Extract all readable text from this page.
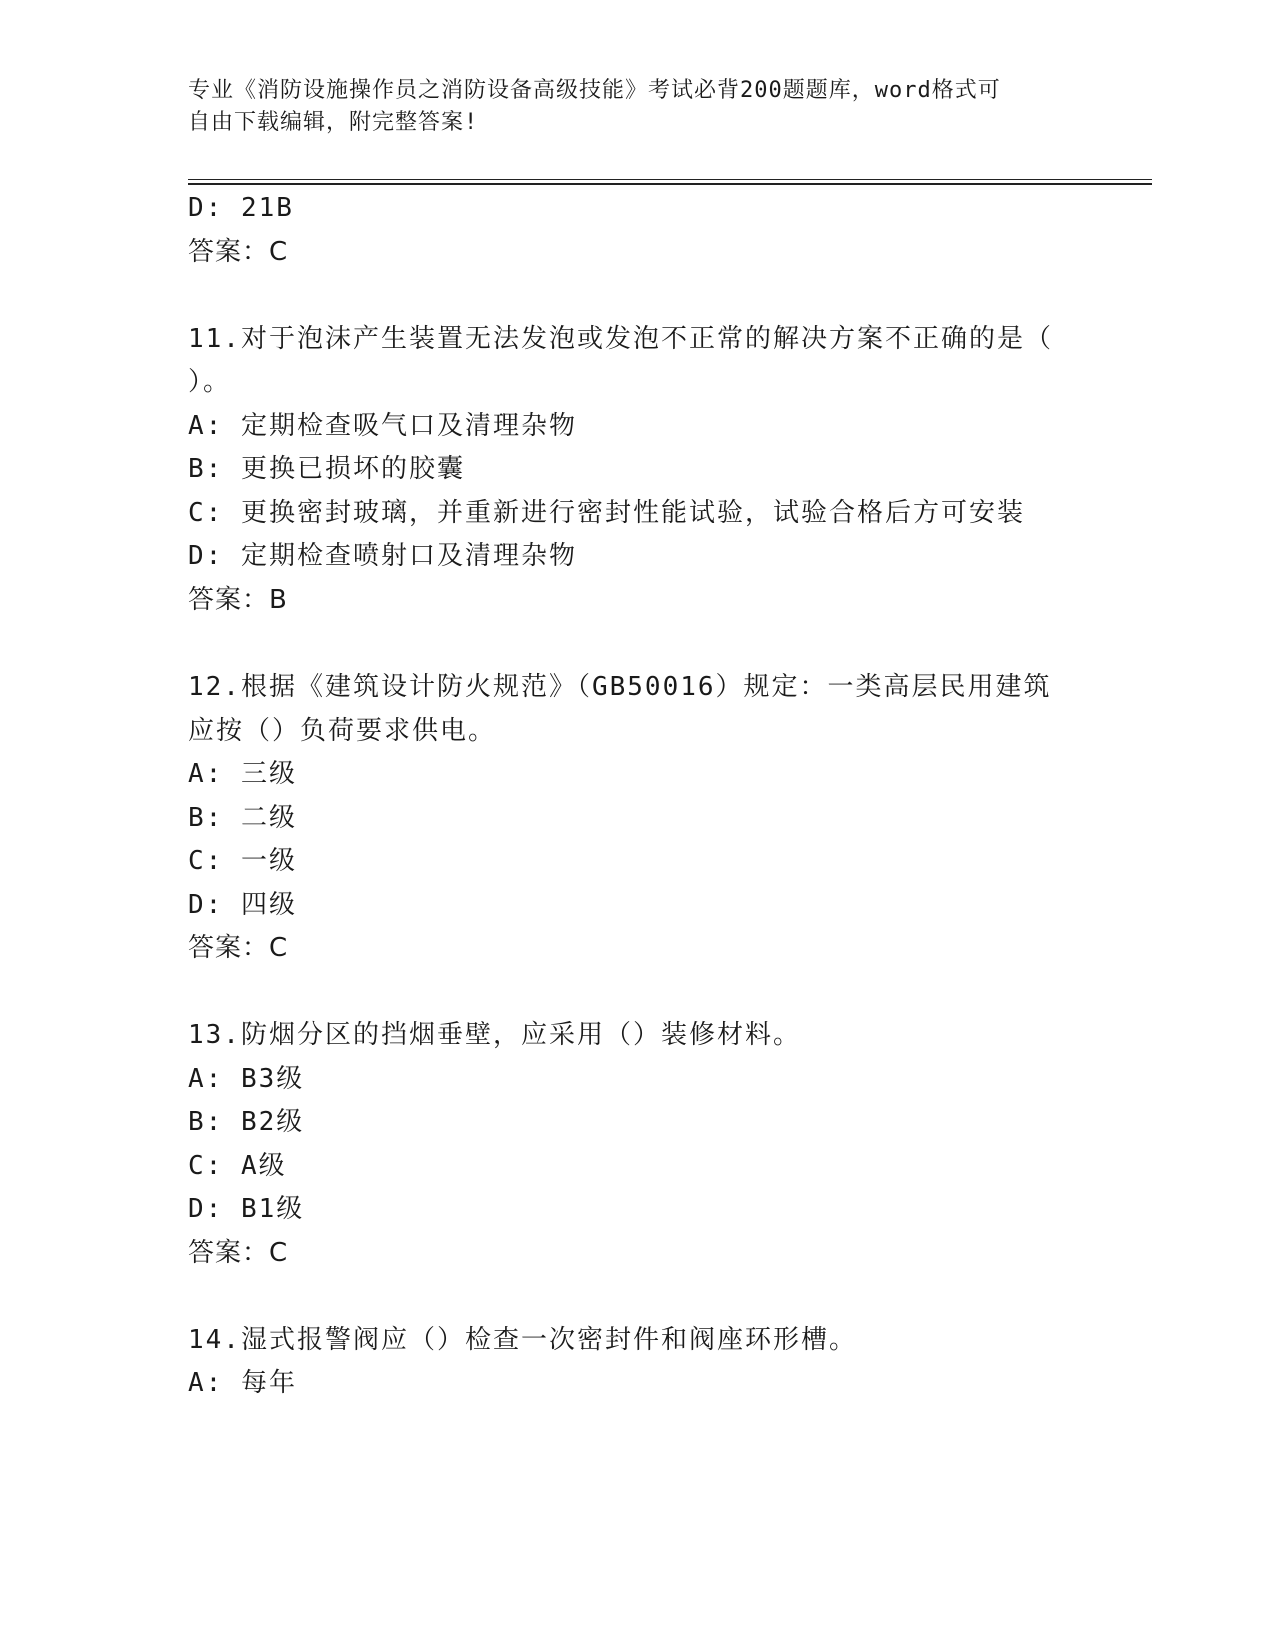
专业《消防设施操作员之消防设备高级技能》考试必背200题题库，word格式可
自由下载编辑，附完整答案!
D: 21B
答案：C
11.对于泡沫产生装置无法发泡或发泡不正常的解决方案不正确的是（
）。
A: 定期检查吸气口及清理杂物
B: 更换已损坏的胶囊
C: 更换密封玻璃，并重新进行密封性能试验，试验合格后方可安装
D: 定期检查喷射口及清理杂物
答案：B
12.根据《建筑设计防火规范》（GB50016）规定：一类高层民用建筑
应按（）负荷要求供电。
A: 三级
B: 二级
C: 一级
D: 四级
答案：C
13.防烟分区的挡烟垂壁，应采用（）装修材料。
A: B3级
B: B2级
C: A级
D: B1级
答案：C
14.湿式报警阀应（）检查一次密封件和阀座环形槽。
A: 每年
